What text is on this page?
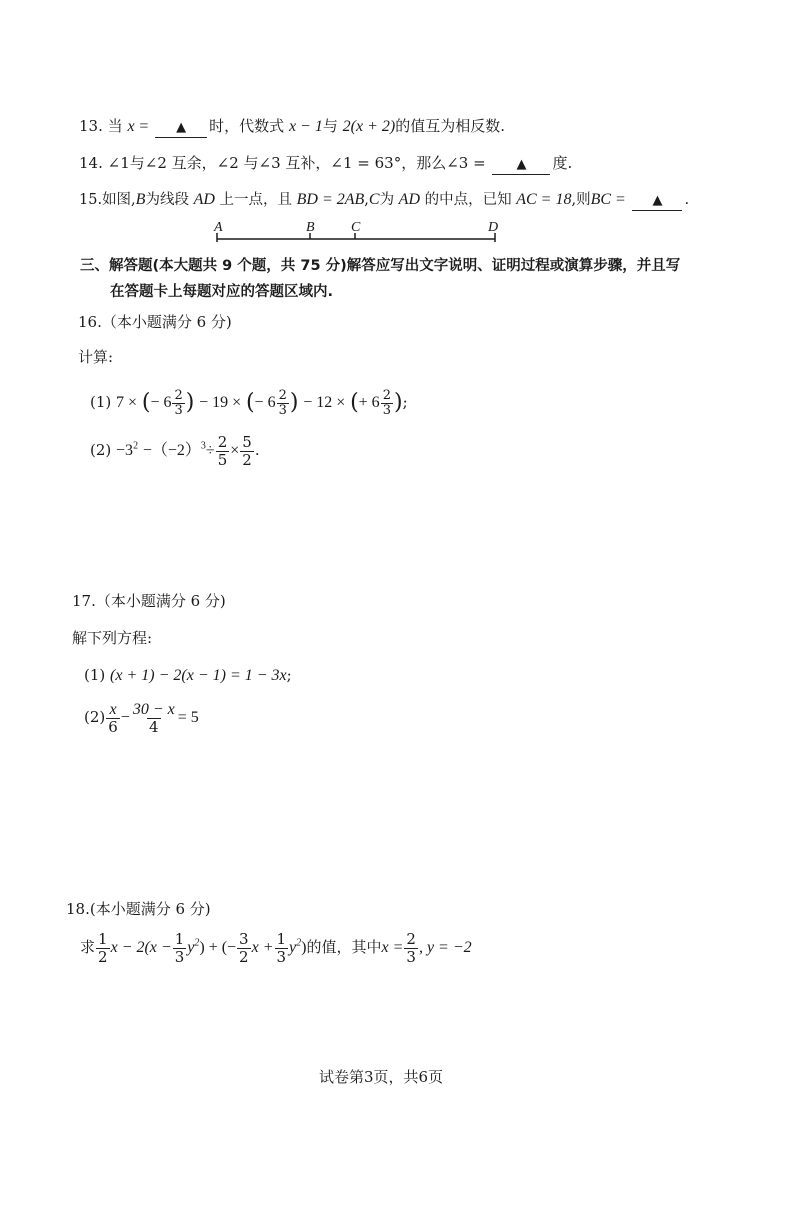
13. 当 x = ▲ 时，代数式 x − 1与 2(x + 2)的值互为相反数.
14. ∠1与∠2 互余，∠2 与∠3 互补，∠1 = 63°，那么∠3 = ▲ 度.
15.如图,B为线段 AD 上一点，且 BD = 2AB,C为 AD 的中点，已知 AC = 18,则BC = ▲ .
A	B	C	D
三、解答题(本大题共 9 个题，共 75 分)解答应写出文字说明、证明过程或演算步骤，并且写
在答题卡上每题对应的答题区域内.
16.（本小题满分 6 分)
计算:
(1) 7 × (− $6 \frac{2}{3}$ ) − 19 × (− $6 \frac{2}{3}$ ) − 12 × (+ $6 \frac{2}{3}$ );
$(2) -3^2 -(-2)^3\div \frac{2}{5} \times \frac{5}{2}$ .
17.（本小题满分 6 分)
解下列方程:
(1) (x + 1) − 2(x − 1) = 1 − 3x;
$(2) \frac{x}{6} - \frac{30 - x}{4} = 5$
18.(本小题满分 6 分)
求 $\frac{1}{2}$ $x - 2(x - \frac{1}{3} y^2)$ + (− $\frac{3}{2}$ $x + \frac{1}{3} y^2$)的值，其中$x = \frac{2}{3}$ , y = −2
试卷第3页，共6页
